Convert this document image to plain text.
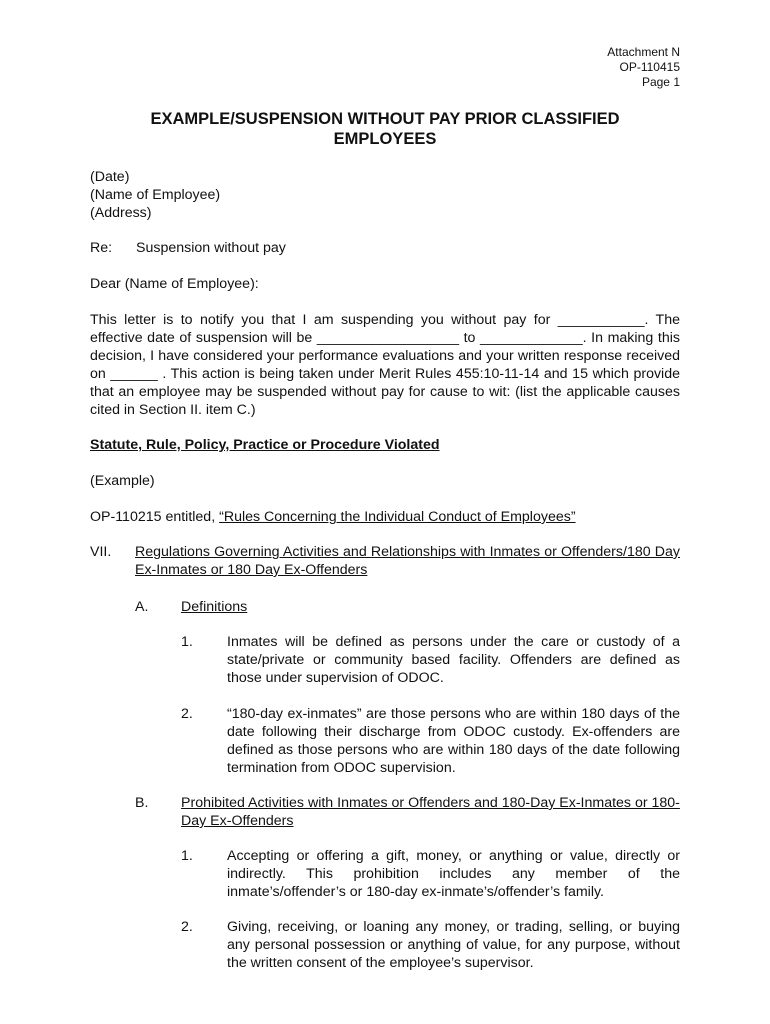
Attachment N
OP-110415
Page 1
EXAMPLE/SUSPENSION WITHOUT PAY PRIOR CLASSIFIED
EMPLOYEES
(Date)
(Name of Employee)
(Address)
Re: Suspension without pay
Dear (Name of Employee):
This letter is to notify you that I am suspending you without pay for ___________. The effective date of suspension will be __________________ to _____________. In making this decision, I have considered your performance evaluations and your written response received on ______ . This action is being taken under Merit Rules 455:10-11-14 and 15 which provide that an employee may be suspended without pay for cause to wit: (list the applicable causes cited in Section II. item C.)
Statute, Rule, Policy, Practice or Procedure Violated
(Example)
OP-110215 entitled, “Rules Concerning the Individual Conduct of Employees”
VII. Regulations Governing Activities and Relationships with Inmates or Offenders/180 Day Ex-Inmates or 180 Day Ex-Offenders
A. Definitions
1. Inmates will be defined as persons under the care or custody of a state/private or community based facility. Offenders are defined as those under supervision of ODOC.
2. “180-day ex-inmates” are those persons who are within 180 days of the date following their discharge from ODOC custody. Ex-offenders are defined as those persons who are within 180 days of the date following termination from ODOC supervision.
B. Prohibited Activities with Inmates or Offenders and 180-Day Ex-Inmates or 180-Day Ex-Offenders
1. Accepting or offering a gift, money, or anything or value, directly or indirectly. This prohibition includes any member of the inmate’s/offender’s or 180-day ex-inmate’s/offender’s family.
2. Giving, receiving, or loaning any money, or trading, selling, or buying any personal possession or anything of value, for any purpose, without the written consent of the employee’s supervisor.
